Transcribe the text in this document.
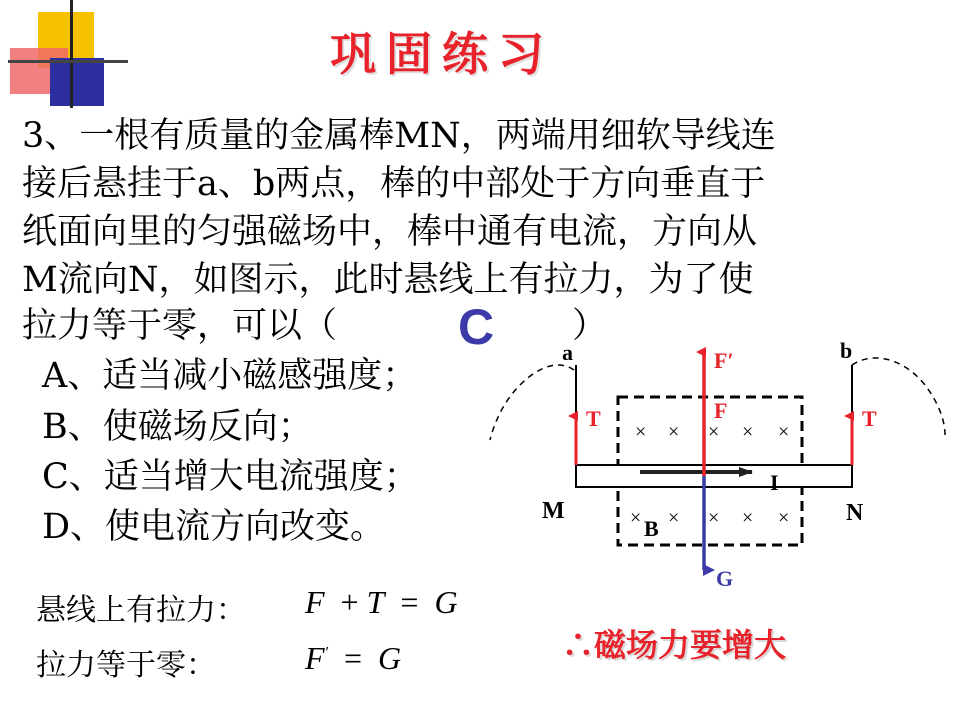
巩固练习
3、一根有质量的金属棒MN，两端用细软导线连
接后悬挂于a、b两点，棒的中部处于方向垂直于
纸面向里的匀强磁场中，棒中通有电流，方向从
M流向N，如图示，此时悬线上有拉力，为了使
拉力等于零，可以（	）
C
A、适当减小磁感强度；
B、使磁场反向；
C、适当增大电流强度；
D、使电流方向改变。
悬线上有拉力： F + T = G
拉力等于零：	F' = G	∴磁场力要增大
× × × × ×
× × × × ×
a	b
M	N
I
B
T	T
F
F′
G
